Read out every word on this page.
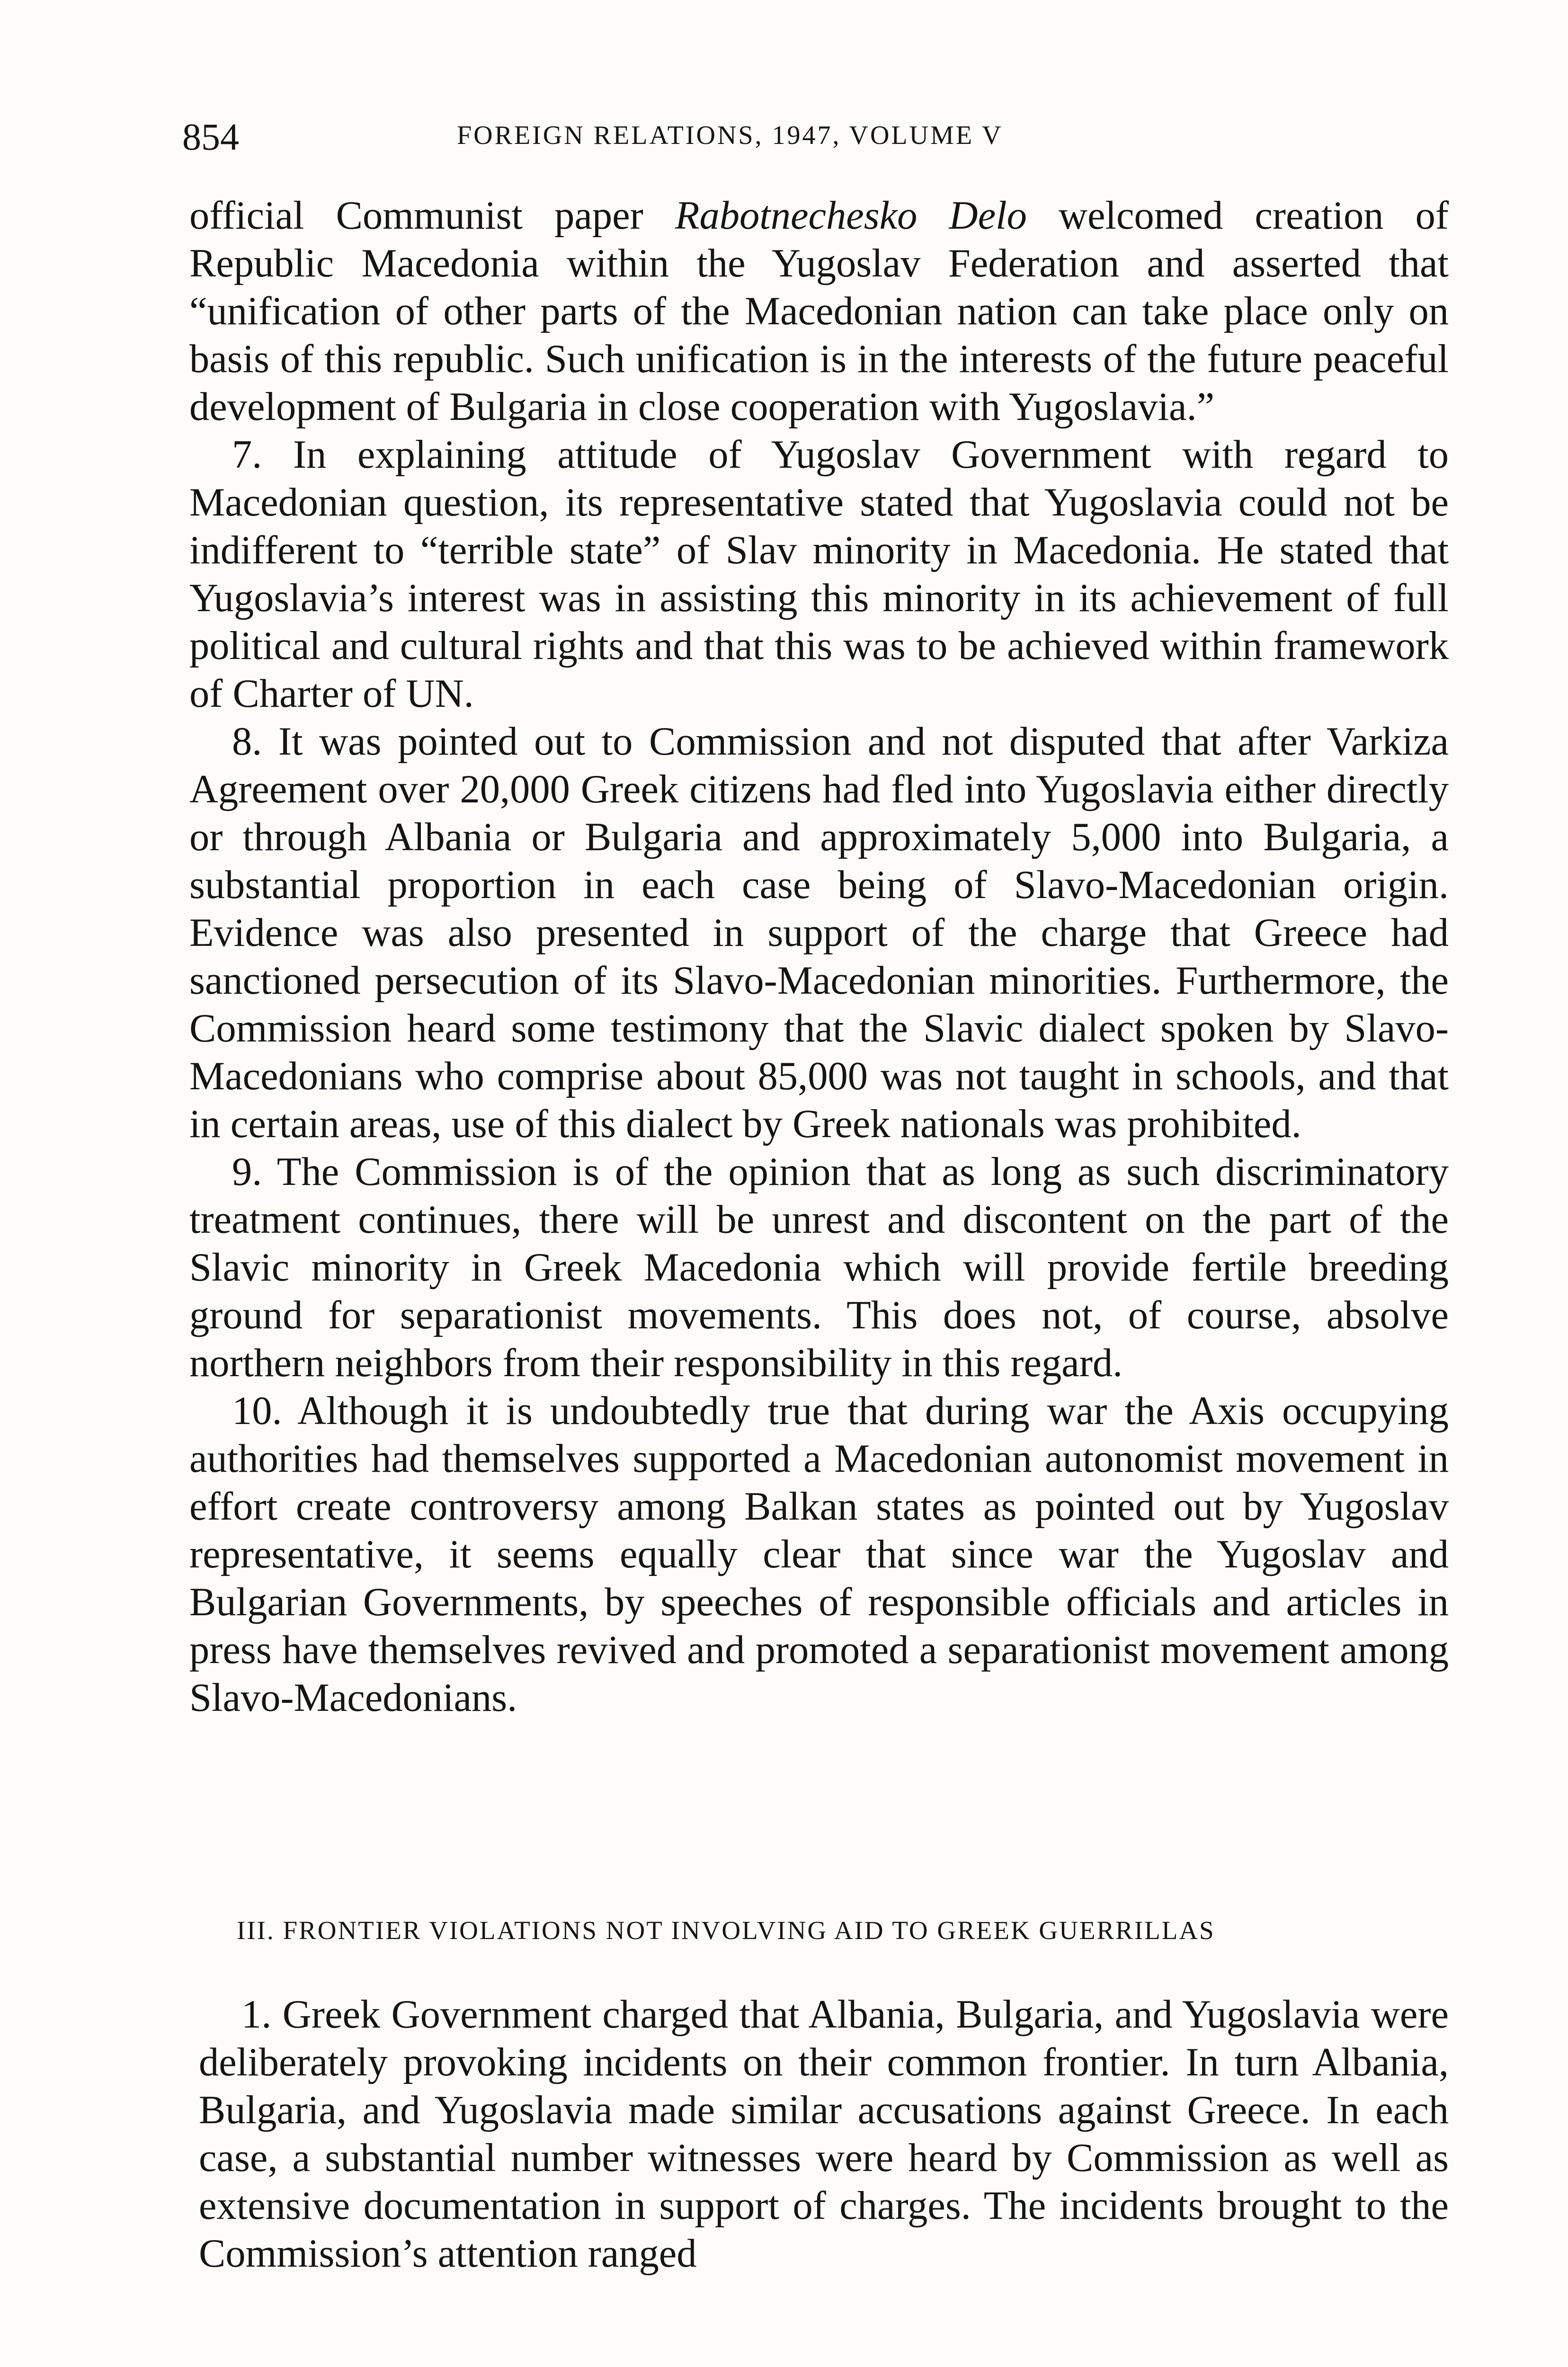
854	FOREIGN RELATIONS, 1947, VOLUME V

official Communist paper Rabotnechesko Delo welcomed creation of Republic Macedonia within the Yugoslav Federation and asserted that “unification of other parts of the Macedonian nation can take place only on basis of this republic. Such unification is in the interests of the future peaceful development of Bulgaria in close cooperation with Yugoslavia.”

7. In explaining attitude of Yugoslav Government with regard to Macedonian question, its representative stated that Yugoslavia could not be indifferent to “terrible state” of Slav minority in Macedonia. He stated that Yugoslavia’s interest was in assisting this minority in its achievement of full political and cultural rights and that this was to be achieved within framework of Charter of UN.

8. It was pointed out to Commission and not disputed that after Varkiza Agreement over 20,000 Greek citizens had fled into Yugoslavia either directly or through Albania or Bulgaria and approximately 5,000 into Bulgaria, a substantial proportion in each case being of Slavo-Macedonian origin. Evidence was also presented in support of the charge that Greece had sanctioned persecution of its Slavo-Macedonian minorities. Furthermore, the Commission heard some testimony that the Slavic dialect spoken by Slavo-Macedonians who comprise about 85,000 was not taught in schools, and that in certain areas, use of this dialect by Greek nationals was prohibited.

9. The Commission is of the opinion that as long as such discriminatory treatment continues, there will be unrest and discontent on the part of the Slavic minority in Greek Macedonia which will provide fertile breeding ground for separationist movements. This does not, of course, absolve northern neighbors from their responsibility in this regard.

10. Although it is undoubtedly true that during war the Axis occupying authorities had themselves supported a Macedonian autonomist movement in effort create controversy among Balkan states as pointed out by Yugoslav representative, it seems equally clear that since war the Yugoslav and Bulgarian Governments, by speeches of responsible officials and articles in press have themselves revived and promoted a separationist movement among Slavo-Macedonians.

III. FRONTIER VIOLATIONS NOT INVOLVING AID TO GREEK GUERRILLAS

1. Greek Government charged that Albania, Bulgaria, and Yugoslavia were deliberately provoking incidents on their common frontier. In turn Albania, Bulgaria, and Yugoslavia made similar accusations against Greece. In each case, a substantial number witnesses were heard by Commission as well as extensive documentation in support of charges. The incidents brought to the Commission’s attention ranged
